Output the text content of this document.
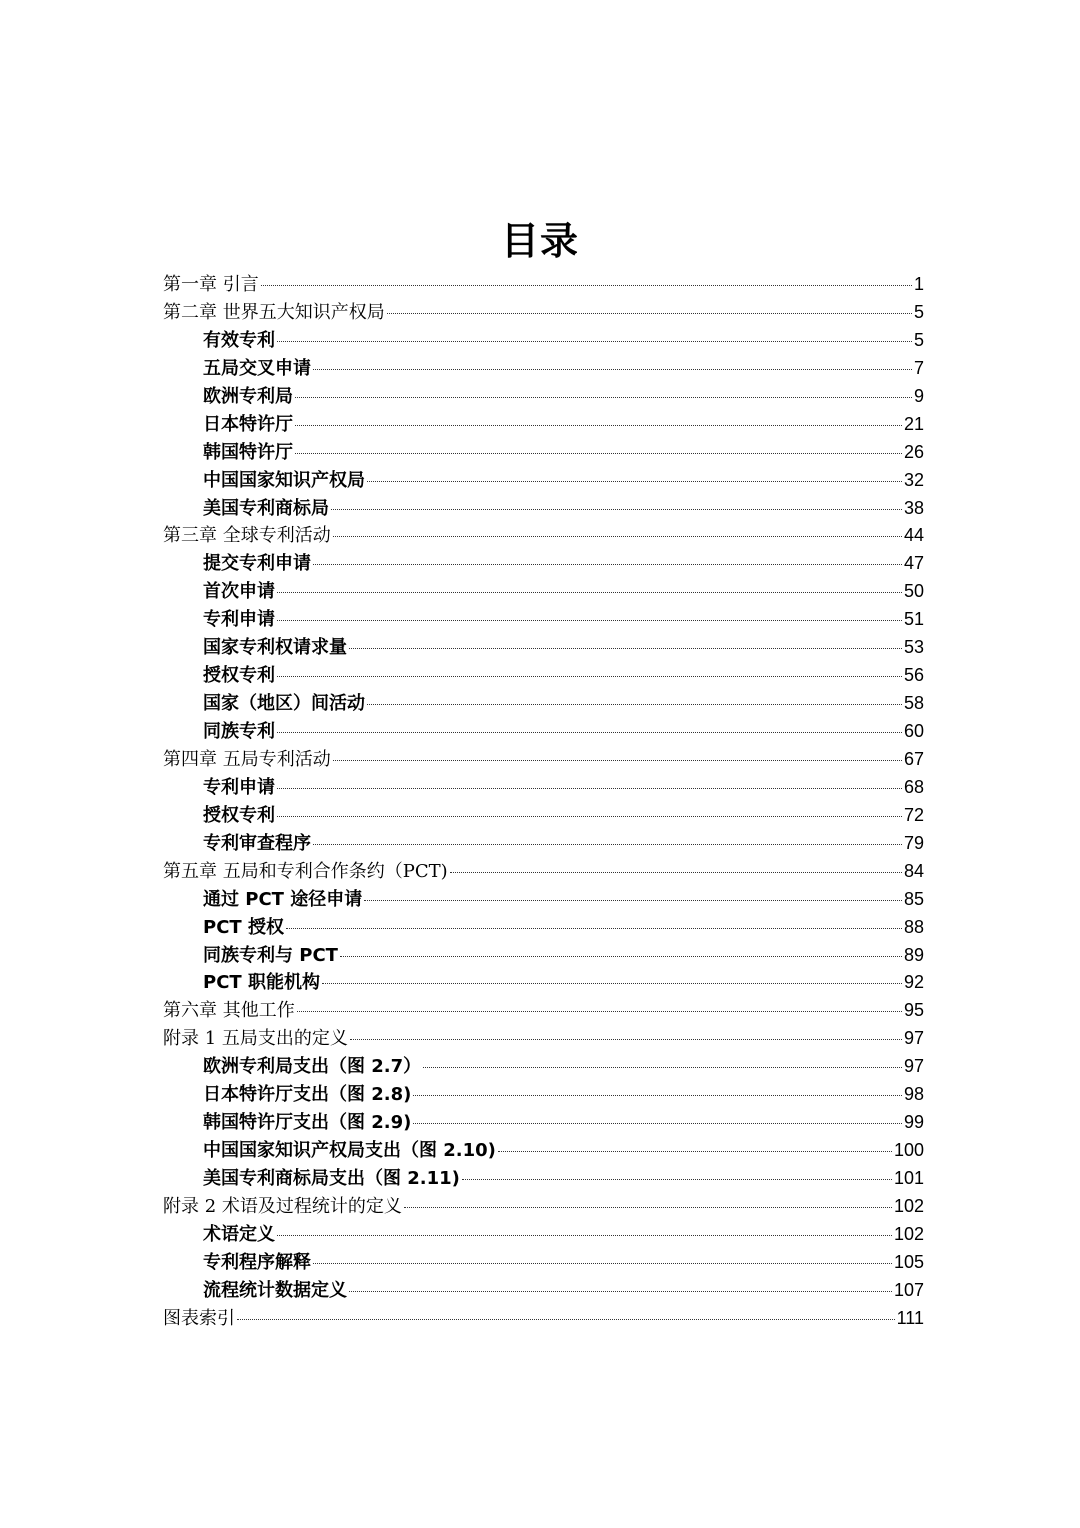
目录
第一章 引言	1
第二章 世界五大知识产权局	5
有效专利	5
五局交叉申请	7
欧洲专利局	9
日本特许厅	21
韩国特许厅	26
中国国家知识产权局	32
美国专利商标局	38
第三章 全球专利活动	44
提交专利申请	47
首次申请	50
专利申请	51
国家专利权请求量	53
授权专利	56
国家（地区）间活动	58
同族专利	60
第四章 五局专利活动	67
专利申请	68
授权专利	72
专利审查程序	79
第五章 五局和专利合作条约（PCT)	84
通过 PCT 途径申请	85
PCT 授权	88
同族专利与 PCT	89
PCT 职能机构	92
第六章 其他工作	95
附录 1 五局支出的定义	97
欧洲专利局支出（图 2.7）	97
日本特许厅支出（图 2.8)	98
韩国特许厅支出（图 2.9)	99
中国国家知识产权局支出（图 2.10)	100
美国专利商标局支出（图 2.11)	101
附录 2 术语及过程统计的定义	102
术语定义	102
专利程序解释	105
流程统计数据定义	107
图表索引	111
